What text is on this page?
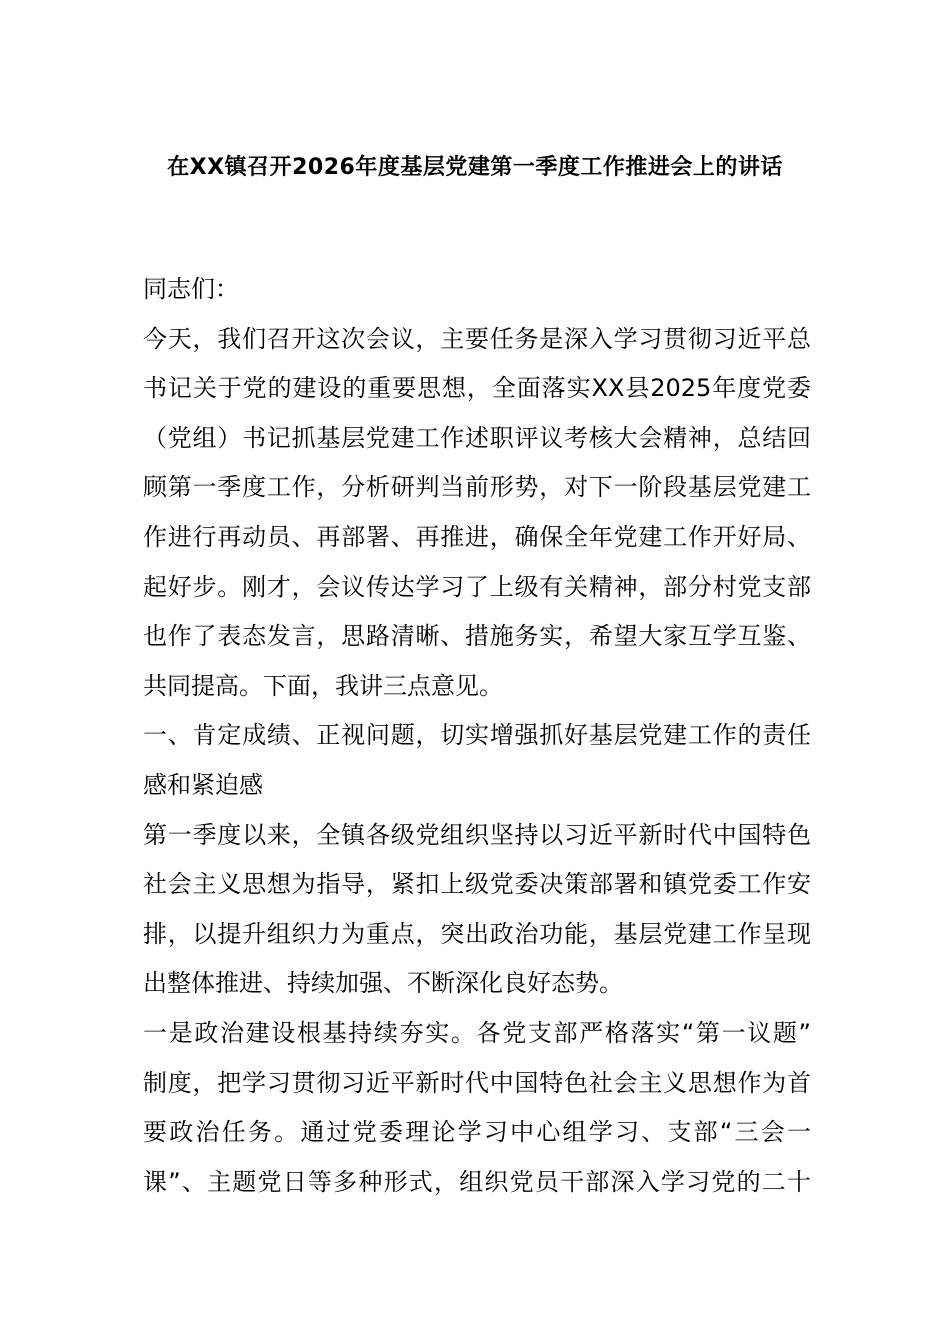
在XX镇召开2026年度基层党建第一季度工作推进会上的讲话
同志们：
今天，我们召开这次会议，主要任务是深入学习贯彻习近平总
书记关于党的建设的重要思想，全面落实XX县2025年度党委
（党组）书记抓基层党建工作述职评议考核大会精神，总结回
顾第一季度工作，分析研判当前形势，对下一阶段基层党建工
作进行再动员、再部署、再推进，确保全年党建工作开好局、
起好步。刚才，会议传达学习了上级有关精神，部分村党支部
也作了表态发言，思路清晰、措施务实，希望大家互学互鉴、
共同提高。下面，我讲三点意见。
一、肯定成绩、正视问题，切实增强抓好基层党建工作的责任
感和紧迫感
第一季度以来，全镇各级党组织坚持以习近平新时代中国特色
社会主义思想为指导，紧扣上级党委决策部署和镇党委工作安
排，以提升组织力为重点，突出政治功能，基层党建工作呈现
出整体推进、持续加强、不断深化良好态势。
一是政治建设根基持续夯实。各党支部严格落实“第一议题”
制度，把学习贯彻习近平新时代中国特色社会主义思想作为首
要政治任务。通过党委理论学习中心组学习、支部“三会一
课”、主题党日等多种形式，组织党员干部深入学习党的二十
